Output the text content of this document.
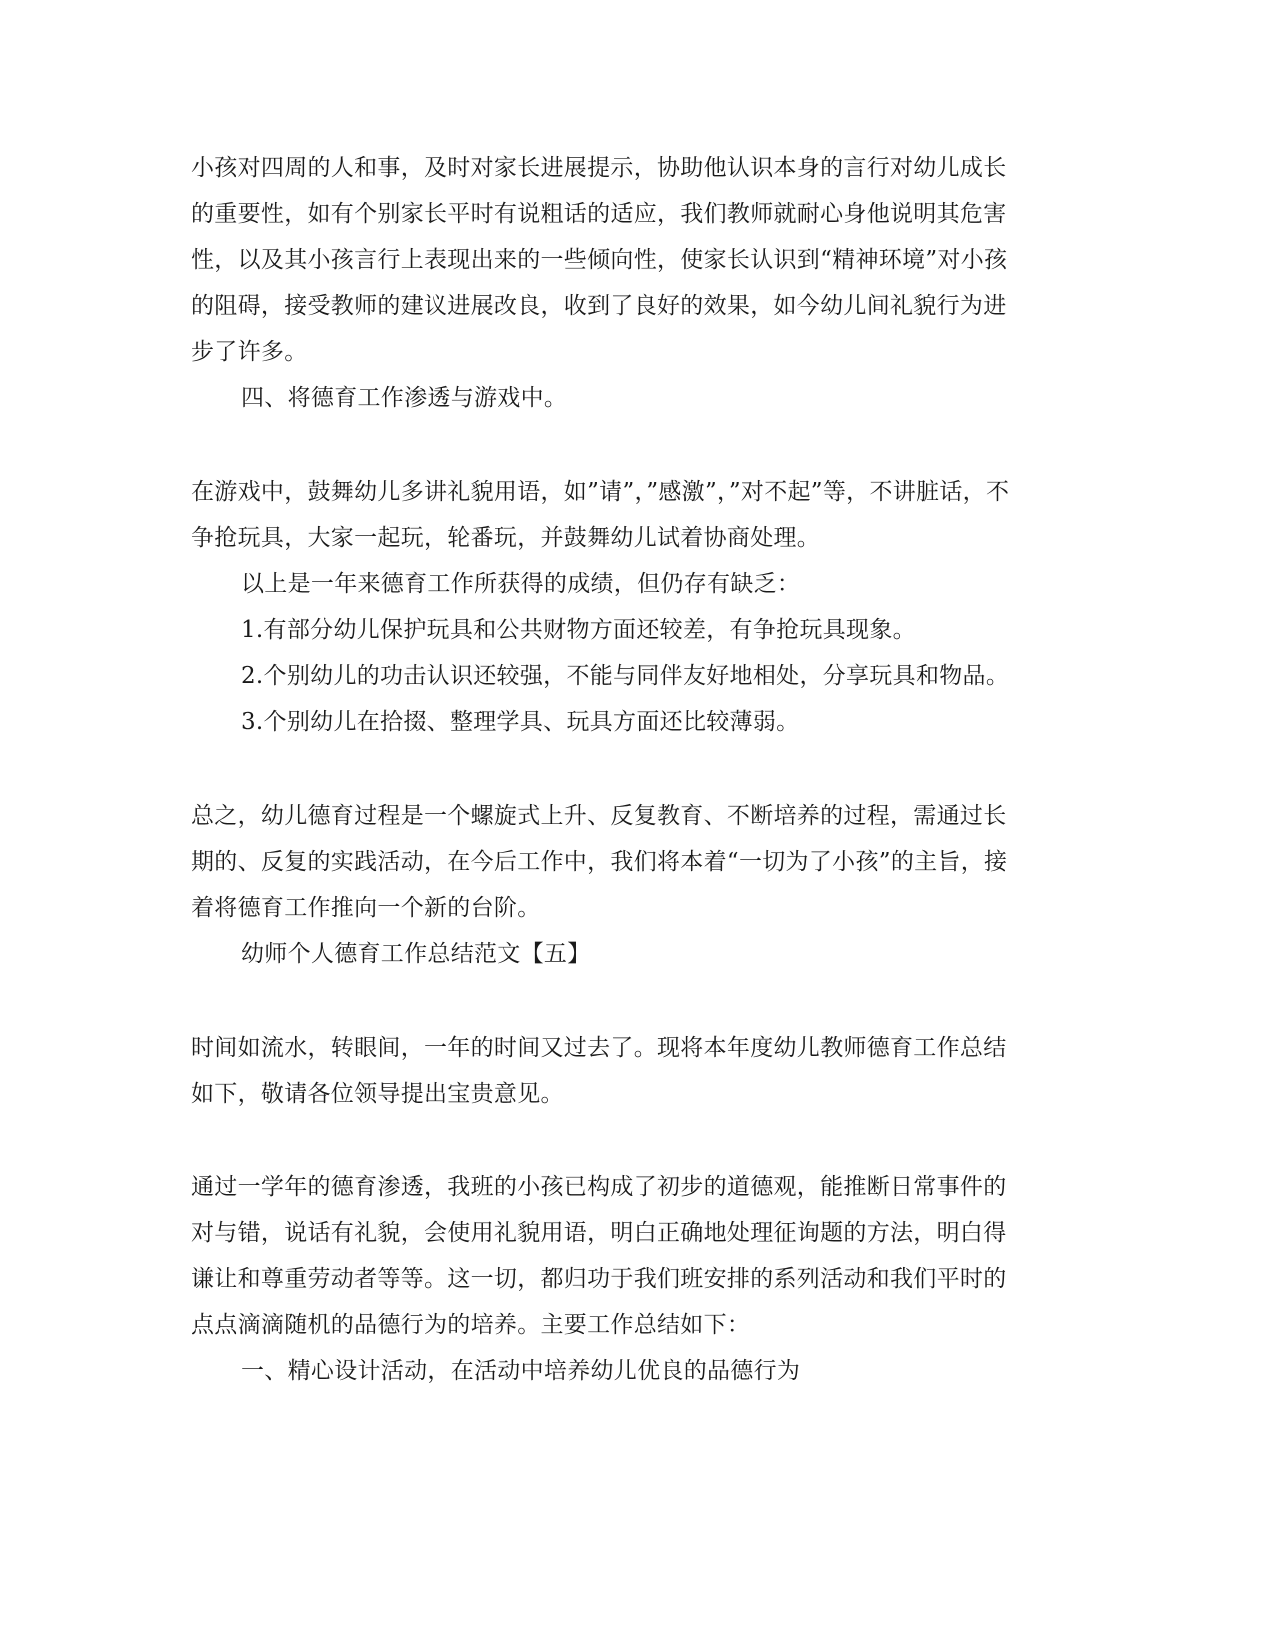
小孩对四周的人和事，及时对家长进展提示，协助他认识本身的言行对幼儿成长

的重要性，如有个别家长平时有说粗话的适应，我们教师就耐心身他说明其危害

性，以及其小孩言行上表现出来的一些倾向性，使家长认识到“精神环境”对小孩

的阻碍，接受教师的建议进展改良，收到了良好的效果，如今幼儿间礼貌行为进

步了许多。

四、将德育工作渗透与游戏中。

在游戏中，鼓舞幼儿多讲礼貌用语，如”请”，”感激”，”对不起”等，不讲脏话，不

争抢玩具，大家一起玩，轮番玩，并鼓舞幼儿试着协商处理。

以上是一年来德育工作所获得的成绩，但仍存有缺乏：

1.有部分幼儿保护玩具和公共财物方面还较差，有争抢玩具现象。

2.个别幼儿的功击认识还较强，不能与同伴友好地相处，分享玩具和物品。

3.个别幼儿在拾掇、整理学具、玩具方面还比较薄弱。

总之，幼儿德育过程是一个螺旋式上升、反复教育、不断培养的过程，需通过长

期的、反复的实践活动，在今后工作中，我们将本着“一切为了小孩”的主旨，接

着将德育工作推向一个新的台阶。

幼师个人德育工作总结范文【五】

时间如流水，转眼间，一年的时间又过去了。现将本年度幼儿教师德育工作总结

如下，敬请各位领导提出宝贵意见。

通过一学年的德育渗透，我班的小孩已构成了初步的道德观，能推断日常事件的

对与错，说话有礼貌，会使用礼貌用语，明白正确地处理征询题的方法，明白得

谦让和尊重劳动者等等。这一切，都归功于我们班安排的系列活动和我们平时的

点点滴滴随机的品德行为的培养。主要工作总结如下：

一、精心设计活动，在活动中培养幼儿优良的品德行为
